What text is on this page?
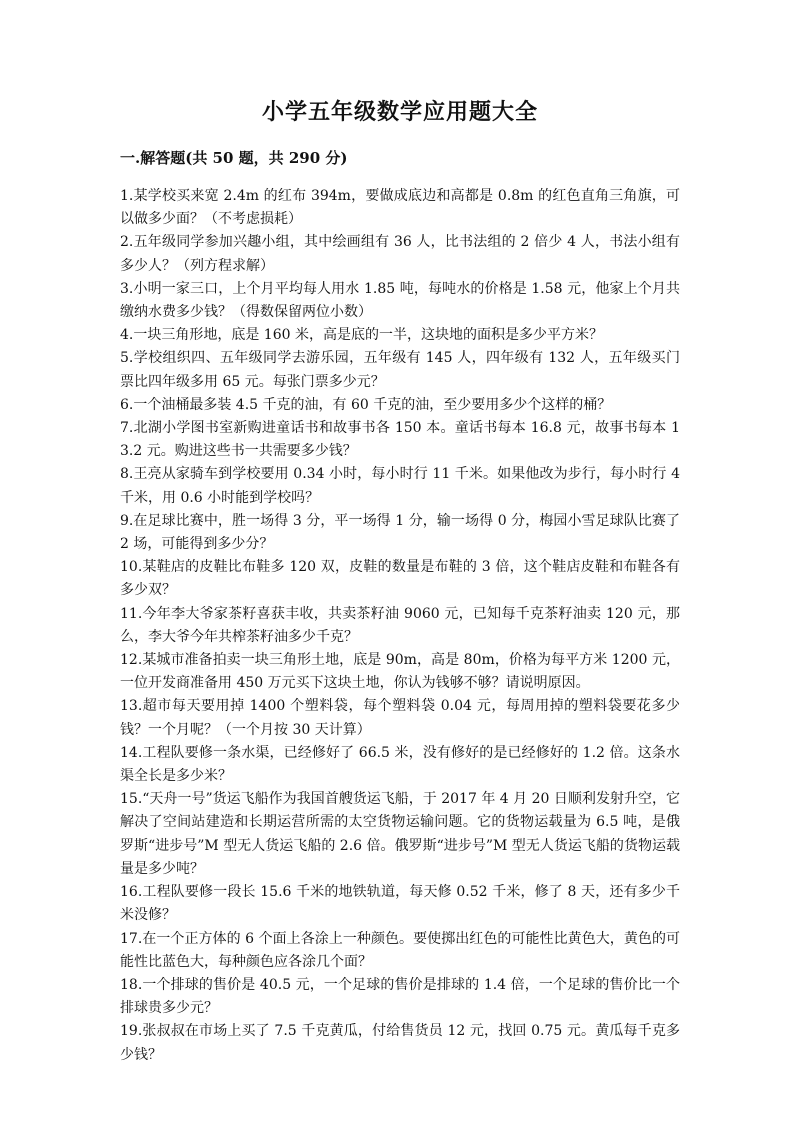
小学五年级数学应用题大全
一.解答题(共 50 题，共 290 分)
1.某学校买来宽 2.4m 的红布 394m，要做成底边和高都是 0.8m 的红色直角三角旗，可以做多少面？（不考虑损耗）
2.五年级同学参加兴趣小组，其中绘画组有 36 人，比书法组的 2 倍少 4 人，书法小组有多少人？（列方程求解）
3.小明一家三口，上个月平均每人用水 1.85 吨，每吨水的价格是 1.58 元，他家上个月共缴纳水费多少钱？（得数保留两位小数）
4.一块三角形地，底是 160 米，高是底的一半，这块地的面积是多少平方米？
5.学校组织四、五年级同学去游乐园，五年级有 145 人，四年级有 132 人，五年级买门票比四年级多用 65 元。每张门票多少元？
6.一个油桶最多装 4.5 千克的油，有 60 千克的油，至少要用多少个这样的桶？
7.北湖小学图书室新购进童话书和故事书各 150 本。童话书每本 16.8 元，故事书每本 13.2 元。购进这些书一共需要多少钱？
8.王亮从家骑车到学校要用 0.34 小时，每小时行 11 千米。如果他改为步行，每小时行 4 千米，用 0.6 小时能到学校吗？
9.在足球比赛中，胜一场得 3 分，平一场得 1 分，输一场得 0 分，梅园小雪足球队比赛了 2 场，可能得到多少分？
10.某鞋店的皮鞋比布鞋多 120 双，皮鞋的数量是布鞋的 3 倍，这个鞋店皮鞋和布鞋各有多少双？
11.今年李大爷家茶籽喜获丰收，共卖茶籽油 9060 元，已知每千克茶籽油卖 120 元，那么，李大爷今年共榨茶籽油多少千克？
12.某城市准备拍卖一块三角形土地，底是 90m，高是 80m，价格为每平方米 1200 元，一位开发商准备用 450 万元买下这块土地，你认为钱够不够？请说明原因。
13.超市每天要用掉 1400 个塑料袋，每个塑料袋 0.04 元，每周用掉的塑料袋要花多少钱？一个月呢？（一个月按 30 天计算）
14.工程队要修一条水渠，已经修好了 66.5 米，没有修好的是已经修好的 1.2 倍。这条水渠全长是多少米？
15.“天舟一号”货运飞船作为我国首艘货运飞船，于 2017 年 4 月 20 日顺利发射升空，它解决了空间站建造和长期运营所需的太空货物运输问题。它的货物运载量为 6.5 吨，是俄罗斯“进步号”M 型无人货运飞船的 2.6 倍。俄罗斯“进步号”M 型无人货运飞船的货物运载量是多少吨？
16.工程队要修一段长 15.6 千米的地铁轨道，每天修 0.52 千米，修了 8 天，还有多少千米没修？
17.在一个正方体的 6 个面上各涂上一种颜色。要使掷出红色的可能性比黄色大，黄色的可能性比蓝色大，每种颜色应各涂几个面？
18.一个排球的售价是 40.5 元，一个足球的售价是排球的 1.4 倍，一个足球的售价比一个排球贵多少元？
19.张叔叔在市场上买了 7.5 千克黄瓜，付给售货员 12 元，找回 0.75 元。黄瓜每千克多少钱？
